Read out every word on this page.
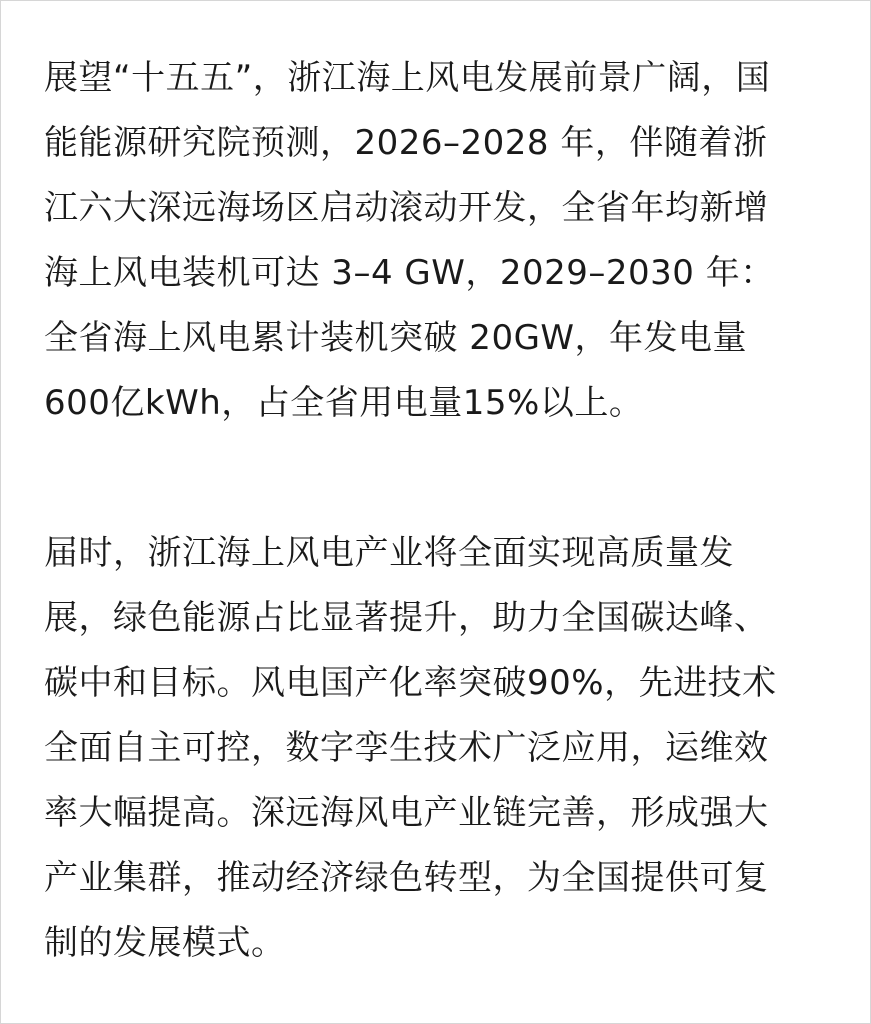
展望“十五五”，浙江海上风电发展前景广阔，国
能能源研究院预测，2026–2028 年，伴随着浙
江六大深远海场区启动滚动开发，全省年均新增
海上风电装机可达 3–4 GW，2029–2030 年：
全省海上风电累计装机突破 20GW，年发电量
600亿kWh，占全省用电量15%以上。
届时，浙江海上风电产业将全面实现高质量发
展，绿色能源占比显著提升，助力全国碳达峰、
碳中和目标。风电国产化率突破90%，先进技术
全面自主可控，数字孪生技术广泛应用，运维效
率大幅提高。深远海风电产业链完善，形成强大
产业集群，推动经济绿色转型，为全国提供可复
制的发展模式。
